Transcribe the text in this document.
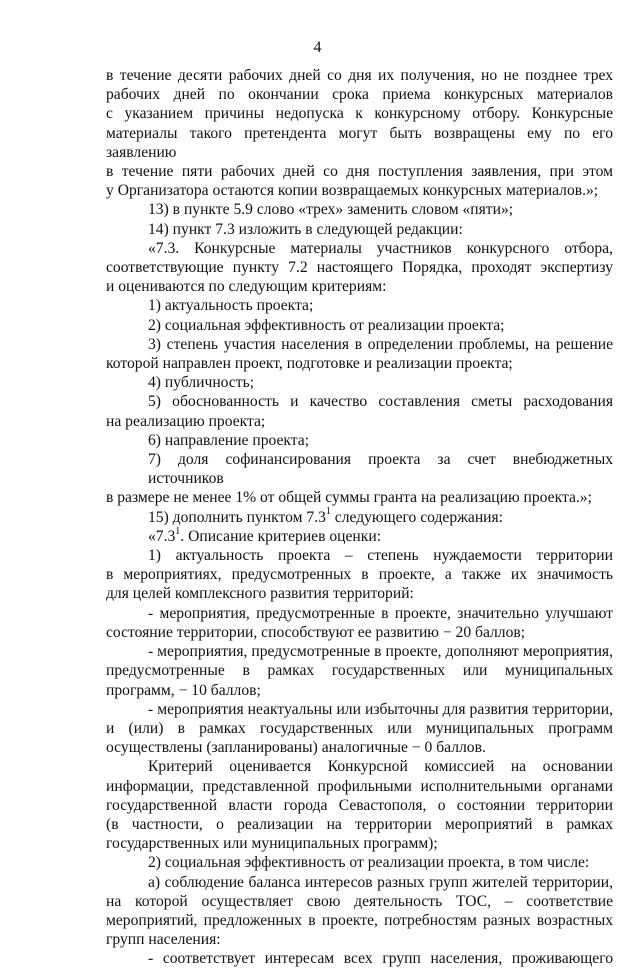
4
в течение десяти рабочих дней со дня их получения, но не позднее трех
рабочих дней по окончании срока приема конкурсных материалов
с указанием причины недопуска к конкурсному отбору. Конкурсные
материалы такого претендента могут быть возвращены ему по его заявлению
в течение пяти рабочих дней со дня поступления заявления, при этом
у Организатора остаются копии возвращаемых конкурсных материалов.»;
13) в пункте 5.9 слово «трех» заменить словом «пяти»;
14) пункт 7.3 изложить в следующей редакции:
«7.3. Конкурсные материалы участников конкурсного отбора,
соответствующие пункту 7.2 настоящего Порядка, проходят экспертизу
и оцениваются по следующим критериям:
1) актуальность проекта;
2) социальная эффективность от реализации проекта;
3) степень участия населения в определении проблемы, на решение
которой направлен проект, подготовке и реализации проекта;
4) публичность;
5) обоснованность и качество составления сметы расходования
на реализацию проекта;
6) направление проекта;
7) доля софинансирования проекта за счет внебюджетных источников
в размере не менее 1% от общей суммы гранта на реализацию проекта.»;
15) дополнить пунктом $7.3^1$ следующего содержания:
«$7.3^1$. Описание критериев оценки:
1) актуальность проекта – степень нуждаемости территории
в мероприятиях, предусмотренных в проекте, а также их значимость
для целей комплексного развития территорий:
- мероприятия, предусмотренные в проекте, значительно улучшают
состояние территории, способствуют ее развитию − 20 баллов;
- мероприятия, предусмотренные в проекте, дополняют мероприятия,
предусмотренные в рамках государственных или муниципальных
программ, − 10 баллов;
- мероприятия неактуальны или избыточны для развития территории,
и (или) в рамках государственных или муниципальных программ
осуществлены (запланированы) аналогичные − 0 баллов.
Критерий оценивается Конкурсной комиссией на основании
информации, представленной профильными исполнительными органами
государственной власти города Севастополя, о состоянии территории
(в частности, о реализации на территории мероприятий в рамках
государственных или муниципальных программ);
2) социальная эффективность от реализации проекта, в том числе:
а) соблюдение баланса интересов разных групп жителей территории,
на которой осуществляет свою деятельность ТОС, – соответствие
мероприятий, предложенных в проекте, потребностям разных возрастных
групп населения:
- соответствует интересам всех групп населения, проживающего
